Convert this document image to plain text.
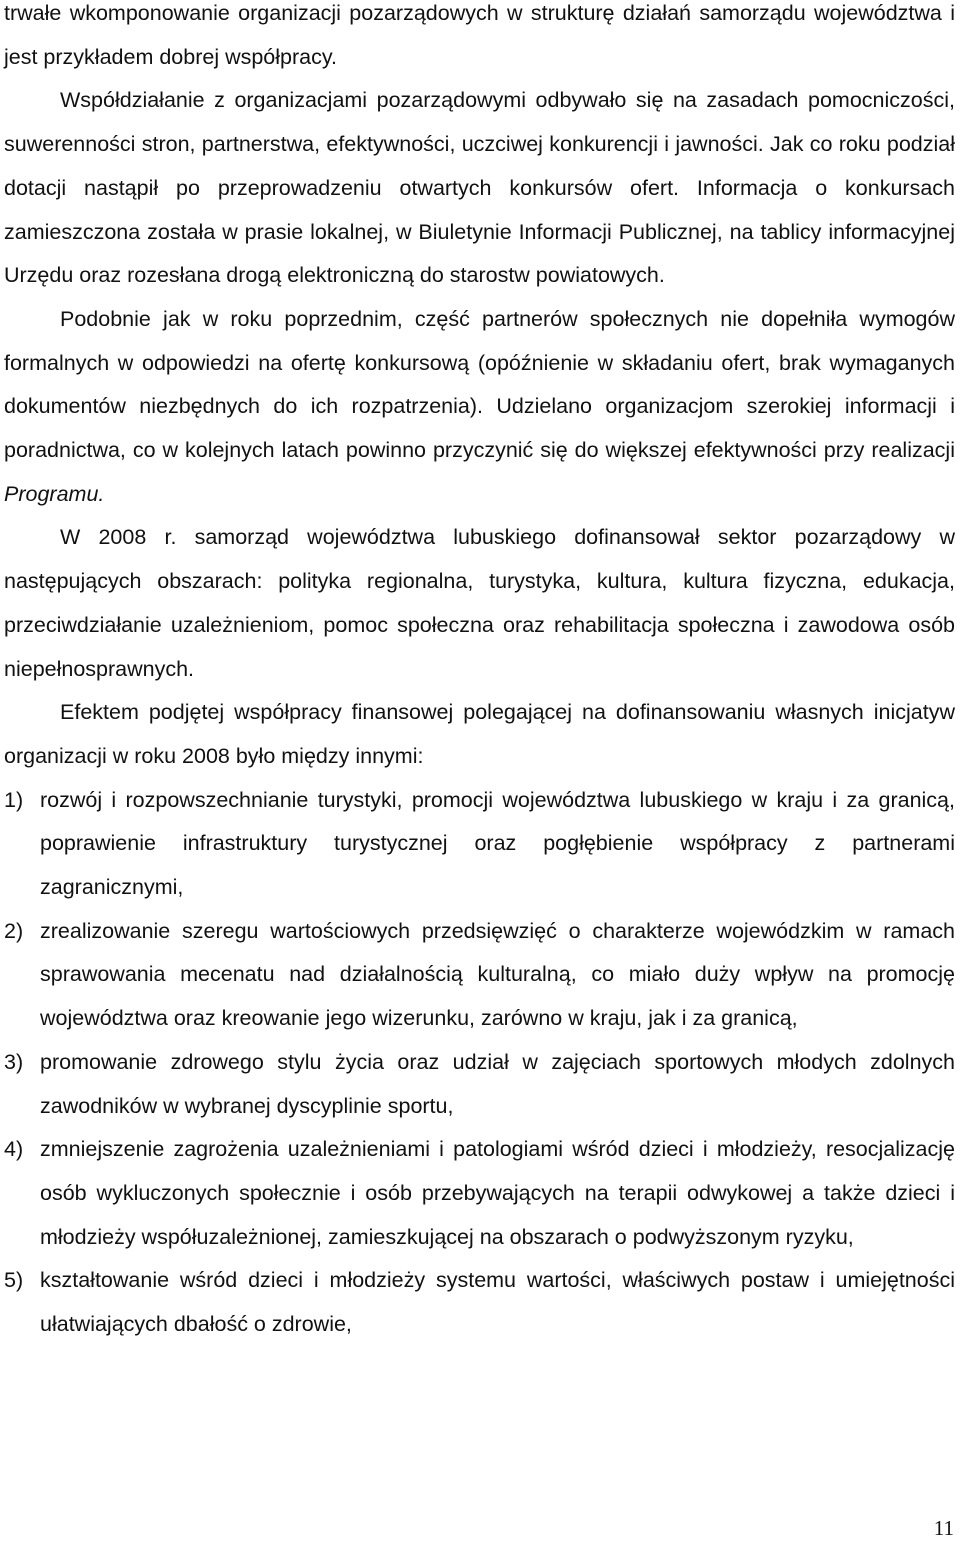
trwałe wkomponowanie organizacji pozarządowych w strukturę działań samorządu województwa i jest przykładem dobrej współpracy.

Współdziałanie z organizacjami pozarządowymi odbywało się na zasadach pomocniczości, suwerenności stron, partnerstwa, efektywności, uczciwej konkurencji i jawności. Jak co roku podział dotacji nastąpił po przeprowadzeniu otwartych konkursów ofert. Informacja o konkursach zamieszczona została w prasie lokalnej, w Biuletynie Informacji Publicznej, na tablicy informacyjnej Urzędu oraz rozesłana drogą elektroniczną do starostw powiatowych.

Podobnie jak w roku poprzednim, część partnerów społecznych nie dopełniła wymogów formalnych w odpowiedzi na ofertę konkursową (opóźnienie w składaniu ofert, brak wymaganych dokumentów niezbędnych do ich rozpatrzenia). Udzielano organizacjom szerokiej informacji i poradnictwa, co w kolejnych latach powinno przyczynić się do większej efektywności przy realizacji Programu.

W 2008 r. samorząd województwa lubuskiego dofinansował sektor pozarządowy w następujących obszarach: polityka regionalna, turystyka, kultura, kultura fizyczna, edukacja, przeciwdziałanie uzależnieniom, pomoc społeczna oraz rehabilitacja społeczna i zawodowa osób niepełnosprawnych.

Efektem podjętej współpracy finansowej polegającej na dofinansowaniu własnych inicjatyw organizacji w roku 2008 było między innymi:

1) rozwój i rozpowszechnianie turystyki, promocji województwa lubuskiego w kraju i za granicą, poprawienie infrastruktury turystycznej oraz pogłębienie współpracy z partnerami zagranicznymi,
2) zrealizowanie szeregu wartościowych przedsięwzięć o charakterze wojewódzkim w ramach sprawowania mecenatu nad działalnością kulturalną, co miało duży wpływ na promocję województwa oraz kreowanie jego wizerunku, zarówno w kraju, jak i za granicą,
3) promowanie zdrowego stylu życia oraz udział w zajęciach sportowych młodych zdolnych zawodników w wybranej dyscyplinie sportu,
4) zmniejszenie zagrożenia uzależnieniami i patologiami wśród dzieci i młodzieży, resocjalizację osób wykluczonych społecznie i osób przebywających na terapii odwykowej a także dzieci i młodzieży współuzależnionej, zamieszkującej na obszarach o podwyższonym ryzyku,
5) kształtowanie wśród dzieci i młodzieży systemu wartości, właściwych postaw i umiejętności ułatwiających dbałość o zdrowie,
11
